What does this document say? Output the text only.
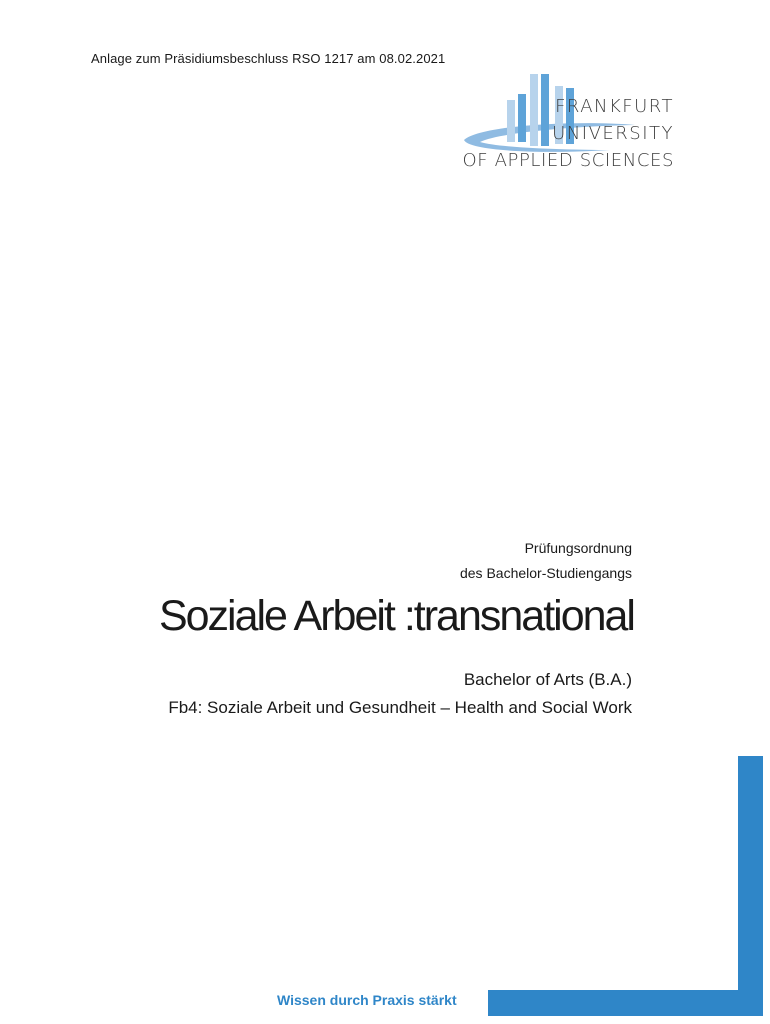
Anlage zum Präsidiumsbeschluss RSO 1217 am 08.02.2021
FRANKFURT
UNIVERSITY
OF APPLIED SCIENCES
Prüfungsordnung
des Bachelor-Studiengangs
Soziale Arbeit :transnational
Bachelor of Arts (B.A.)
Fb4: Soziale Arbeit und Gesundheit – Health and Social Work
Wissen durch Praxis stärkt
